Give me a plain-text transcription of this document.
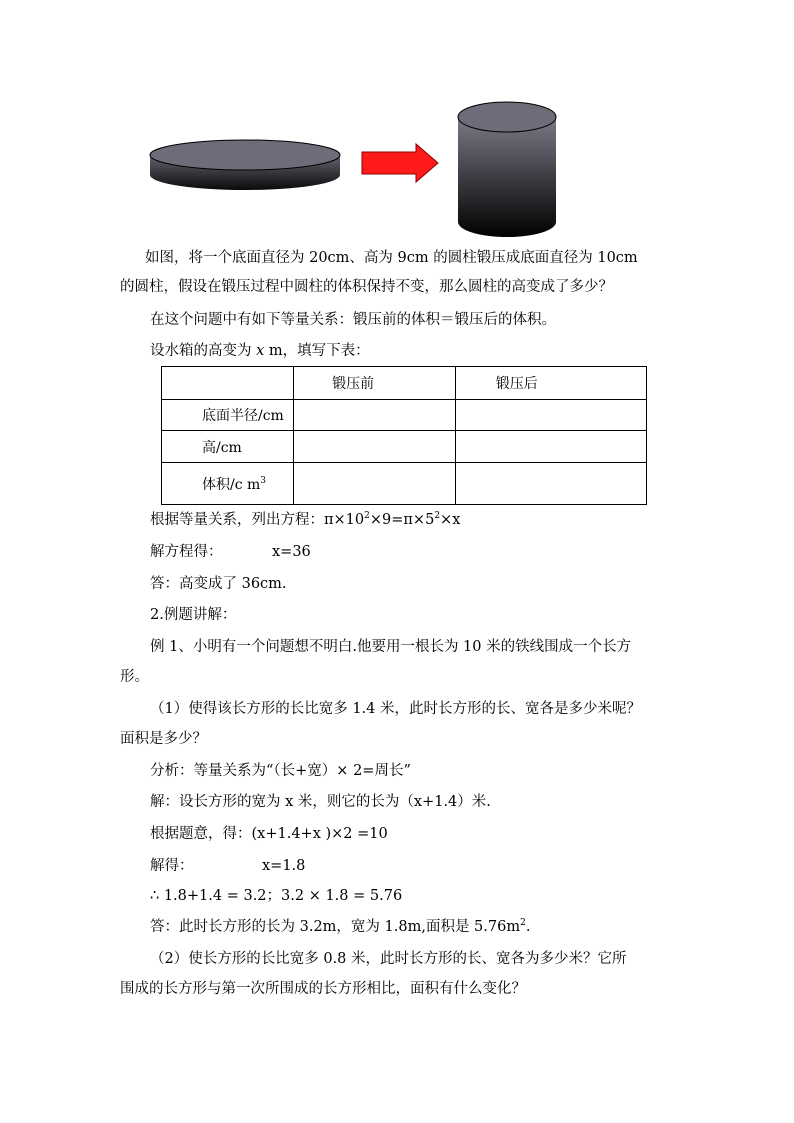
如图，将一个底面直径为 20cm、高为 9cm 的圆柱锻压成底面直径为 10cm
的圆柱，假设在锻压过程中圆柱的体积保持不变，那么圆柱的高变成了多少？
在这个问题中有如下等量关系：锻压前的体积＝锻压后的体积。
设水箱的高变为 x m，填写下表：
	锻压前	锻压后
底面半径/cm		
高/cm		
体积/c $m^3$		
根据等量关系，列出方程：$\pi\times 10^2\times 9=\pi\times 5^2\times x$
解方程得：	x=36
答：高变成了 36cm.
2.例题讲解：
例 1、小明有一个问题想不明白.他要用一根长为 10 米的铁线围成一个长方
形。
（1）使得该长方形的长比宽多 1.4 米，此时长方形的长、宽各是多少米呢？
面积是多少？
分析：等量关系为“（长+宽）× 2=周长”
解：设长方形的宽为 x 米，则它的长为（x+1.4）米.
根据题意，得：(x+1.4+x )×2 =10
解得：	x=1.8
∴ 1.8+1.4 = 3.2；3.2 × 1.8 = 5.76
答：此时长方形的长为 3.2m，宽为 1.8m,面积是 $5.76m^2$.
（2）使长方形的长比宽多 0.8 米，此时长方形的长、宽各为多少米？它所
围成的长方形与第一次所围成的长方形相比，面积有什么变化？
